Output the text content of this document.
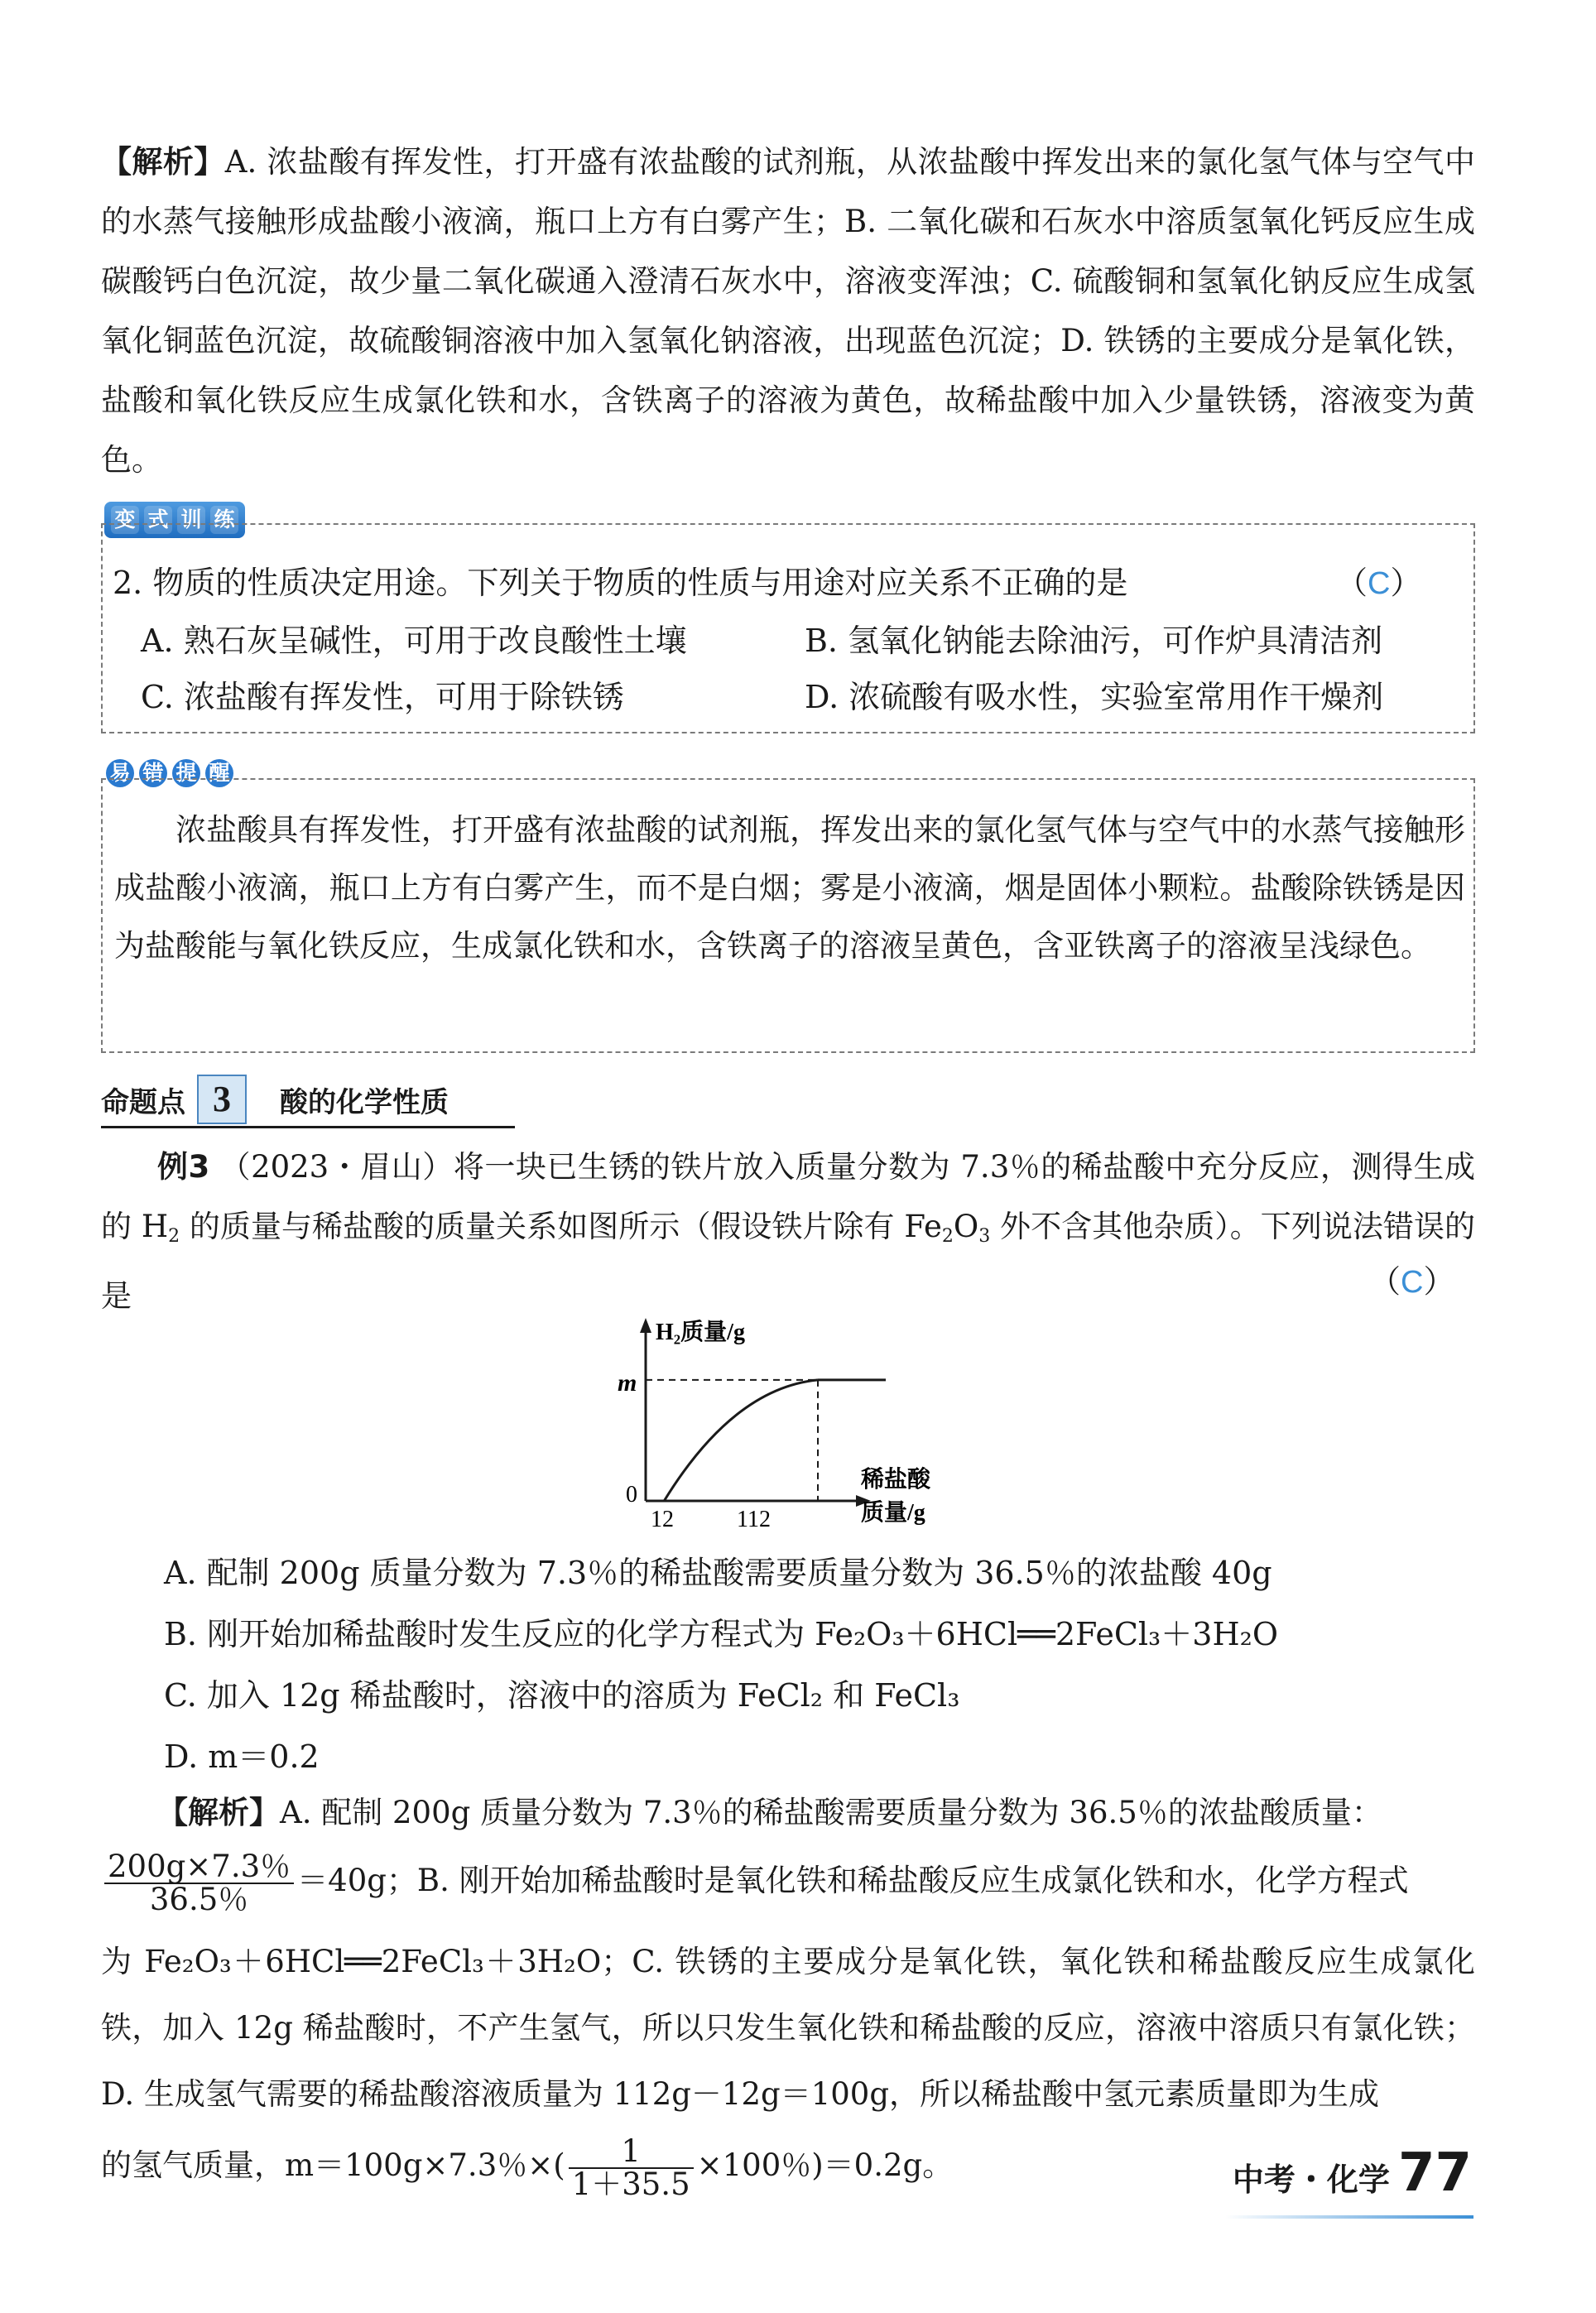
【解析】A. 浓盐酸有挥发性，打开盛有浓盐酸的试剂瓶，从浓盐酸中挥发出来的氯化氢气体与空气中的水蒸气接触形成盐酸小液滴，瓶口上方有白雾产生；B. 二氧化碳和石灰水中溶质氢氧化钙反应生成碳酸钙白色沉淀，故少量二氧化碳通入澄清石灰水中，溶液变浑浊；C. 硫酸铜和氢氧化钠反应生成氢氧化铜蓝色沉淀，故硫酸铜溶液中加入氢氧化钠溶液，出现蓝色沉淀；D. 铁锈的主要成分是氧化铁，盐酸和氧化铁反应生成氯化铁和水，含铁离子的溶液为黄色，故稀盐酸中加入少量铁锈，溶液变为黄色。
变 式 训 练
2. 物质的性质决定用途。下列关于物质的性质与用途对应关系不正确的是	（C）
A. 熟石灰呈碱性，可用于改良酸性土壤	B. 氢氧化钠能去除油污，可作炉具清洁剂
C. 浓盐酸有挥发性，可用于除铁锈	D. 浓硫酸有吸水性，实验室常用作干燥剂
易 错 提 醒
浓盐酸具有挥发性，打开盛有浓盐酸的试剂瓶，挥发出来的氯化氢气体与空气中的水蒸气接触形成盐酸小液滴，瓶口上方有白雾产生，而不是白烟；雾是小液滴，烟是固体小颗粒。盐酸除铁锈是因为盐酸能与氧化铁反应，生成氯化铁和水，含铁离子的溶液呈黄色，含亚铁离子的溶液呈浅绿色。
命题点 3	酸的化学性质
例3 （2023・眉山）将一块已生锈的铁片放入质量分数为 7.3％的稀盐酸中充分反应，测得生成的 $H_2$ 的质量与稀盐酸的质量关系如图所示（假设铁片除有 $Fe_2O_3$ 外不含其他杂质）。下列说法错误的是	（C）
H₂质量/g
m
0
12	112
稀盐酸
质量/g
A. 配制 200g 质量分数为 7.3％的稀盐酸需要质量分数为 36.5％的浓盐酸 40g
B. 刚开始加稀盐酸时发生反应的化学方程式为 Fe₂O₃＋6HCl══2FeCl₃＋3H₂O
C. 加入 12g 稀盐酸时，溶液中的溶质为 FeCl₂ 和 FeCl₃
D. m＝0.2
【解析】A. 配制 200g 质量分数为 7.3％的稀盐酸需要质量分数为 36.5％的浓盐酸质量：
$\frac{200g\times 7.3\%}{36.5\%} =40g$；B. 刚开始加稀盐酸时是氧化铁和稀盐酸反应生成氯化铁和水，化学方程式
为 Fe₂O₃＋6HCl══2FeCl₃＋3H₂O；C. 铁锈的主要成分是氧化铁，氧化铁和稀盐酸反应生成氯化铁，加入 12g 稀盐酸时，不产生氢气，所以只发生氧化铁和稀盐酸的反应，溶液中溶质只有氯化铁；D. 生成氢气需要的稀盐酸溶液质量为 112g－12g＝100g，所以稀盐酸中氢元素质量即为生成
的氢气质量，m＝100g×7.3％×( $\frac{1}{1+35.5} \times 100$％)＝0.2g。	中考・化学 77
